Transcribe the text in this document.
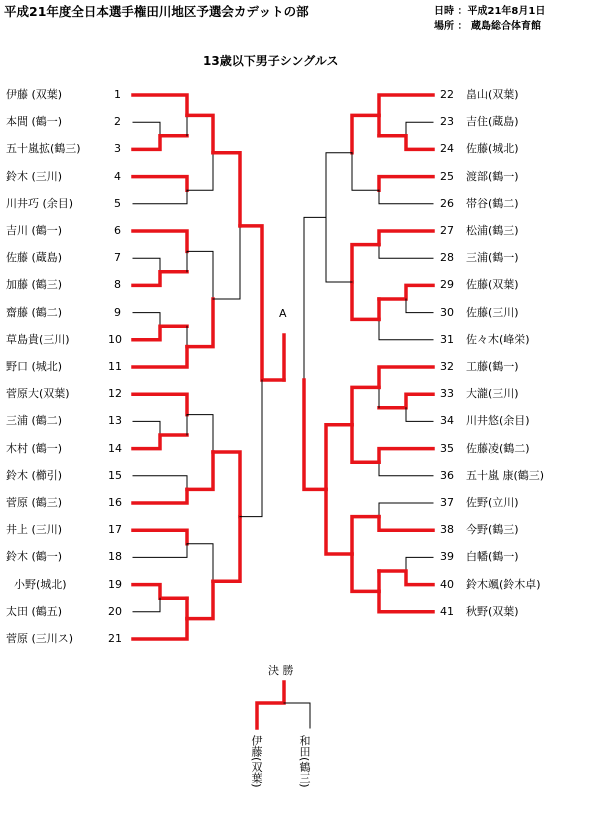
平成21年度全日本選手権田川地区予選会カデットの部	日時 ：平成21年8月1日
場所 ： 蔵島総合体育館
13歳以下男子シングルス
伊藤 (双葉)	1
本間 (鶴一)	2
五十嵐拡(鶴三)	3
鈴木 (三川)	4
川井巧 (余目)	5
吉川 (鶴一)	6
佐藤 (蔵島)	7
加藤 (鶴三)	8
齋藤 (鶴二)	9
草島貴(三川)	10
野口 (城北)	11
菅原大(双葉)	12
三浦 (鶴二)	13
木村 (鶴一)	14
鈴木 (櫛引)	15
菅原 (鶴三)	16
井上 (三川)	17
鈴木 (鶴一)	18
小野(城北)	19
太田 (鶴五)	20
菅原 (三川ス)	21
22 畠山(双葉)
23 吉住(蔵島)
24 佐藤(城北)
25 渡部(鶴一)
26 帯谷(鶴二)
27 松浦(鶴三)
28 三浦(鶴一)
29 佐藤(双葉)
30 佐藤(三川)
31 佐々木(峰栄)
32 工藤(鶴一)
33 大瀧(三川)
34 川井悠(余目)
35 佐藤凌(鶴二)
36 五十嵐 康(鶴三)
37 佐野(立川)
38 今野(鶴三)
39 白幡(鶴一)
40 鈴木颯(鈴木卓)
41 秋野(双葉)
A
決 勝
伊藤(双葉)	和田(鶴三)
